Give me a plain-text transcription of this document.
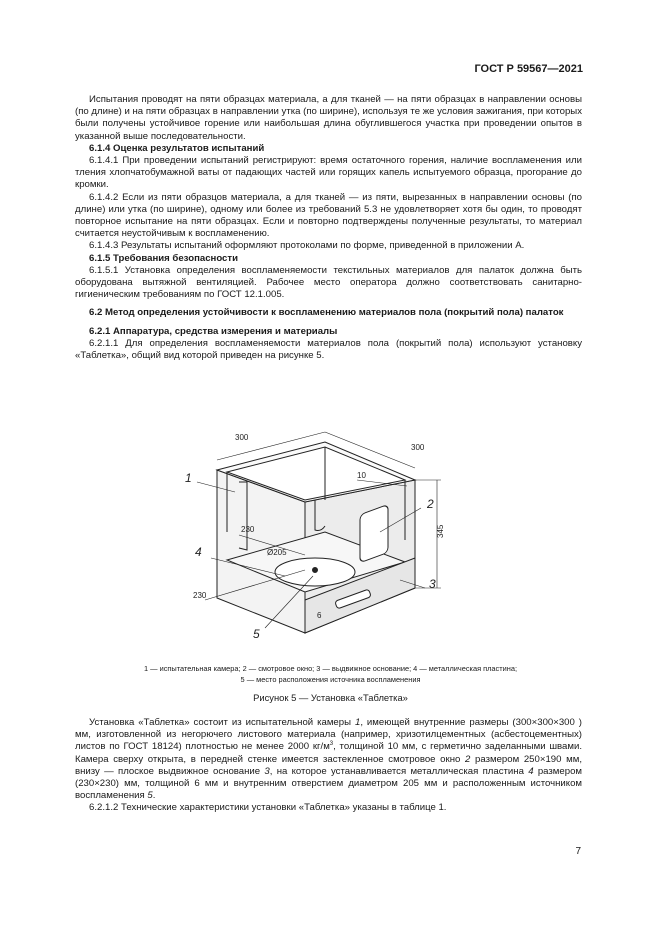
ГОСТ Р 59567—2021

Испытания проводят на пяти образцах материала, а для тканей — на пяти образцах в направлении основы (по длине) и на пяти образцах в направлении утка (по ширине), используя те же условия зажигания, при которых были получены устойчивое горение или наибольшая длина обуглившегося участка при проведении опытов в указанной выше последовательности.

6.1.4 Оценка результатов испытаний

6.1.4.1 При проведении испытаний регистрируют: время остаточного горения, наличие воспламенения или тления хлопчатобумажной ваты от падающих частей или горящих капель испытуемого образца, прогорание до кромки.

6.1.4.2 Если из пяти образцов материала, а для тканей — из пяти, вырезанных в направлении основы (по длине) или утка (по ширине), одному или более из требований 5.3 не удовлетворяет хотя бы один, то проводят повторное испытание на пяти образцах. Если и повторно подтверждены полученные результаты, то материал считается неустойчивым к воспламенению.

6.1.4.3 Результаты испытаний оформляют протоколами по форме, приведенной в приложении А.

6.1.5 Требования безопасности

6.1.5.1 Установка определения воспламеняемости текстильных материалов для палаток должна быть оборудована вытяжной вентиляцией. Рабочее место оператора должно соответствовать санитарно-гигиеническим требованиям по ГОСТ 12.1.005.

6.2 Метод определения устойчивости к воспламенению материалов пола (покрытий пола) палаток

6.2.1 Аппаратура, средства измерения и материалы

6.2.1.1 Для определения воспламеняемости материалов пола (покрытий пола) используют установку «Таблетка», общий вид которой приведен на рисунке 5.

300
300
345
10
230
Ø205
230
6
1
2
3
4
5
1 — испытательная камера; 2 — смотровое окно; 3 — выдвижное основание; 4 — металлическая пластина;
5 — место расположения источника воспламенения
Рисунок 5 — Установка «Таблетка»

Установка «Таблетка» состоит из испытательной камеры 1, имеющей внутренние размеры (300×300×300 ) мм, изготовленной из негорючего листового материала (например, хризотилцементных (асбестоцементных) листов по ГОСТ 18124) плотностью не менее 2000 $кг/м^3$, толщиной 10 мм, с герметично заделанными швами. Камера сверху открыта, в передней стенке имеется застекленное смотровое окно 2 размером 250×190 мм, внизу — плоское выдвижное основание 3, на которое устанавливается металлическая пластина 4 размером (230×230) мм, толщиной 6 мм и внутренним отверстием диаметром 205 мм и расположенным источником воспламенения 5.

6.2.1.2 Технические характеристики установки «Таблетка» указаны в таблице 1.

7
